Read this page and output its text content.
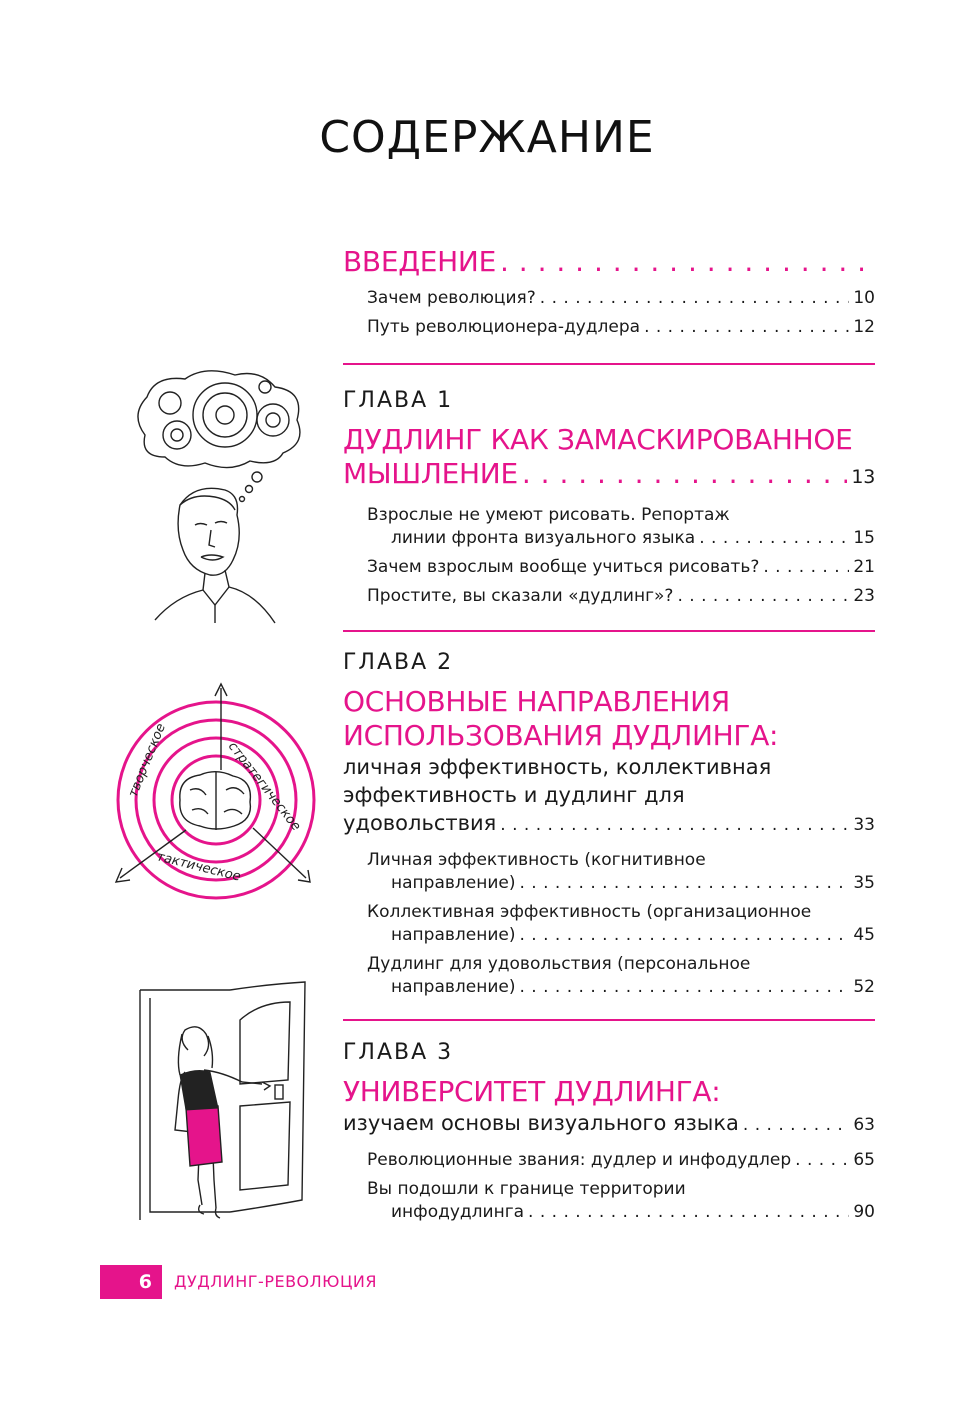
СОДЕРЖАНИЕ
ВВЕДЕНИЕ
. . .
Зачем революция? . . .	10
Путь революционера-дудлера . . .	12
ГЛАВА 1
ДУДЛИНГ КАК ЗАМАСКИРОВАННОЕ
МЫШЛЕНИЕ . . .	13
Взрослые не умеют рисовать. Репортаж
линии фронта визуального языка . . .	15
Зачем взрослым вообще учиться рисовать? . . .	21
Простите, вы сказали «дудлинг»? . . .	23
ГЛАВА 2
ОСНОВНЫЕ НАПРАВЛЕНИЯ
ИСПОЛЬЗОВАНИЯ ДУДЛИНГА:
личная эффективность, коллективная
эффективность и дудлинг для
удовольствия . . .	33
Личная эффективность (когнитивное
направление) . . .	35
Коллективная эффективность (организационное
направление) . . .	45
Дудлинг для удовольствия (персональное
направление) . . .	52
ГЛАВА 3
УНИВЕРСИТЕТ ДУДЛИНГА:
изучаем основы визуального языка . . .	63
Революционные звания: дудлер и инфодудлер . . .	65
Вы подошли к границе территории
инфодудлинга . . .	90
творческое	стратегическое
тактическое
6	ДУДЛИНГ-РЕВОЛЮЦИЯ
